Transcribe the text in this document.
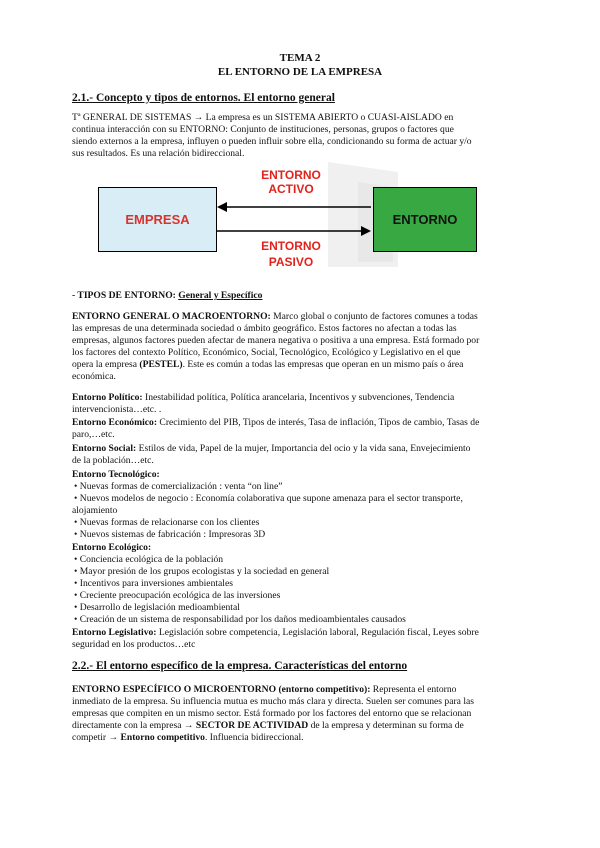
TEMA 2
EL ENTORNO DE LA EMPRESA
2.1.- Concepto y tipos de entornos. El entorno general
Tª GENERAL DE SISTEMAS → La empresa es un SISTEMA ABIERTO o CUASI-AISLADO en
continua interacción con su ENTORNO: Conjunto de instituciones, personas, grupos o factores que
siendo externos a la empresa, influyen o pueden influir sobre ella, condicionando su forma de actuar y/o
sus resultados. Es una relación bidireccional.
ENTORNO
ACTIVO
EMPRESA	ENTORNO
ENTORNO
PASIVO
- TIPOS DE ENTORNO: General y Específico
ENTORNO GENERAL O MACROENTORNO: Marco global o conjunto de factores comunes a todas
las empresas de una determinada sociedad o ámbito geográfico. Estos factores no afectan a todas las
empresas, algunos factores pueden afectar de manera negativa o positiva a una empresa. Está formado por
los factores del contexto Político, Económico, Social, Tecnológico, Ecológico y Legislativo en el que
opera la empresa (PESTEL). Este es común a todas las empresas que operan en un mismo país o área
económica.
Entorno Político: Inestabilidad política, Política arancelaria, Incentivos y subvenciones, Tendencia
intervencionista…etc. .
Entorno Económico: Crecimiento del PIB, Tipos de interés, Tasa de inflación, Tipos de cambio, Tasas de
paro,…etc.
Entorno Social: Estilos de vida, Papel de la mujer, Importancia del ocio y la vida sana, Envejecimiento
de la población…etc.
Entorno Tecnológico:
• Nuevas formas de comercialización : venta “on line”
• Nuevos modelos de negocio : Economía colaborativa que supone amenaza para el sector transporte,
alojamiento
• Nuevas formas de relacionarse con los clientes
• Nuevos sistemas de fabricación : Impresoras 3D
Entorno Ecológico:
• Conciencia ecológica de la población
• Mayor presión de los grupos ecologistas y la sociedad en general
• Incentivos para inversiones ambientales
• Creciente preocupación ecológica de las inversiones
• Desarrollo de legislación medioambiental
• Creación de un sistema de responsabilidad por los daños medioambientales causados
Entorno Legislativo: Legislación sobre competencia, Legislación laboral, Regulación fiscal, Leyes sobre
seguridad en los productos…etc
2.2.- El entorno específico de la empresa. Características del entorno
ENTORNO ESPECÍFICO O MICROENTORNO (entorno competitivo): Representa el entorno
inmediato de la empresa. Su influencia mutua es mucho más clara y directa. Suelen ser comunes para las
empresas que compiten en un mismo sector. Está formado por los factores del entorno que se relacionan
directamente con la empresa → SECTOR DE ACTIVIDAD de la empresa y determinan su forma de
competir → Entorno competitivo. Influencia bidireccional.
